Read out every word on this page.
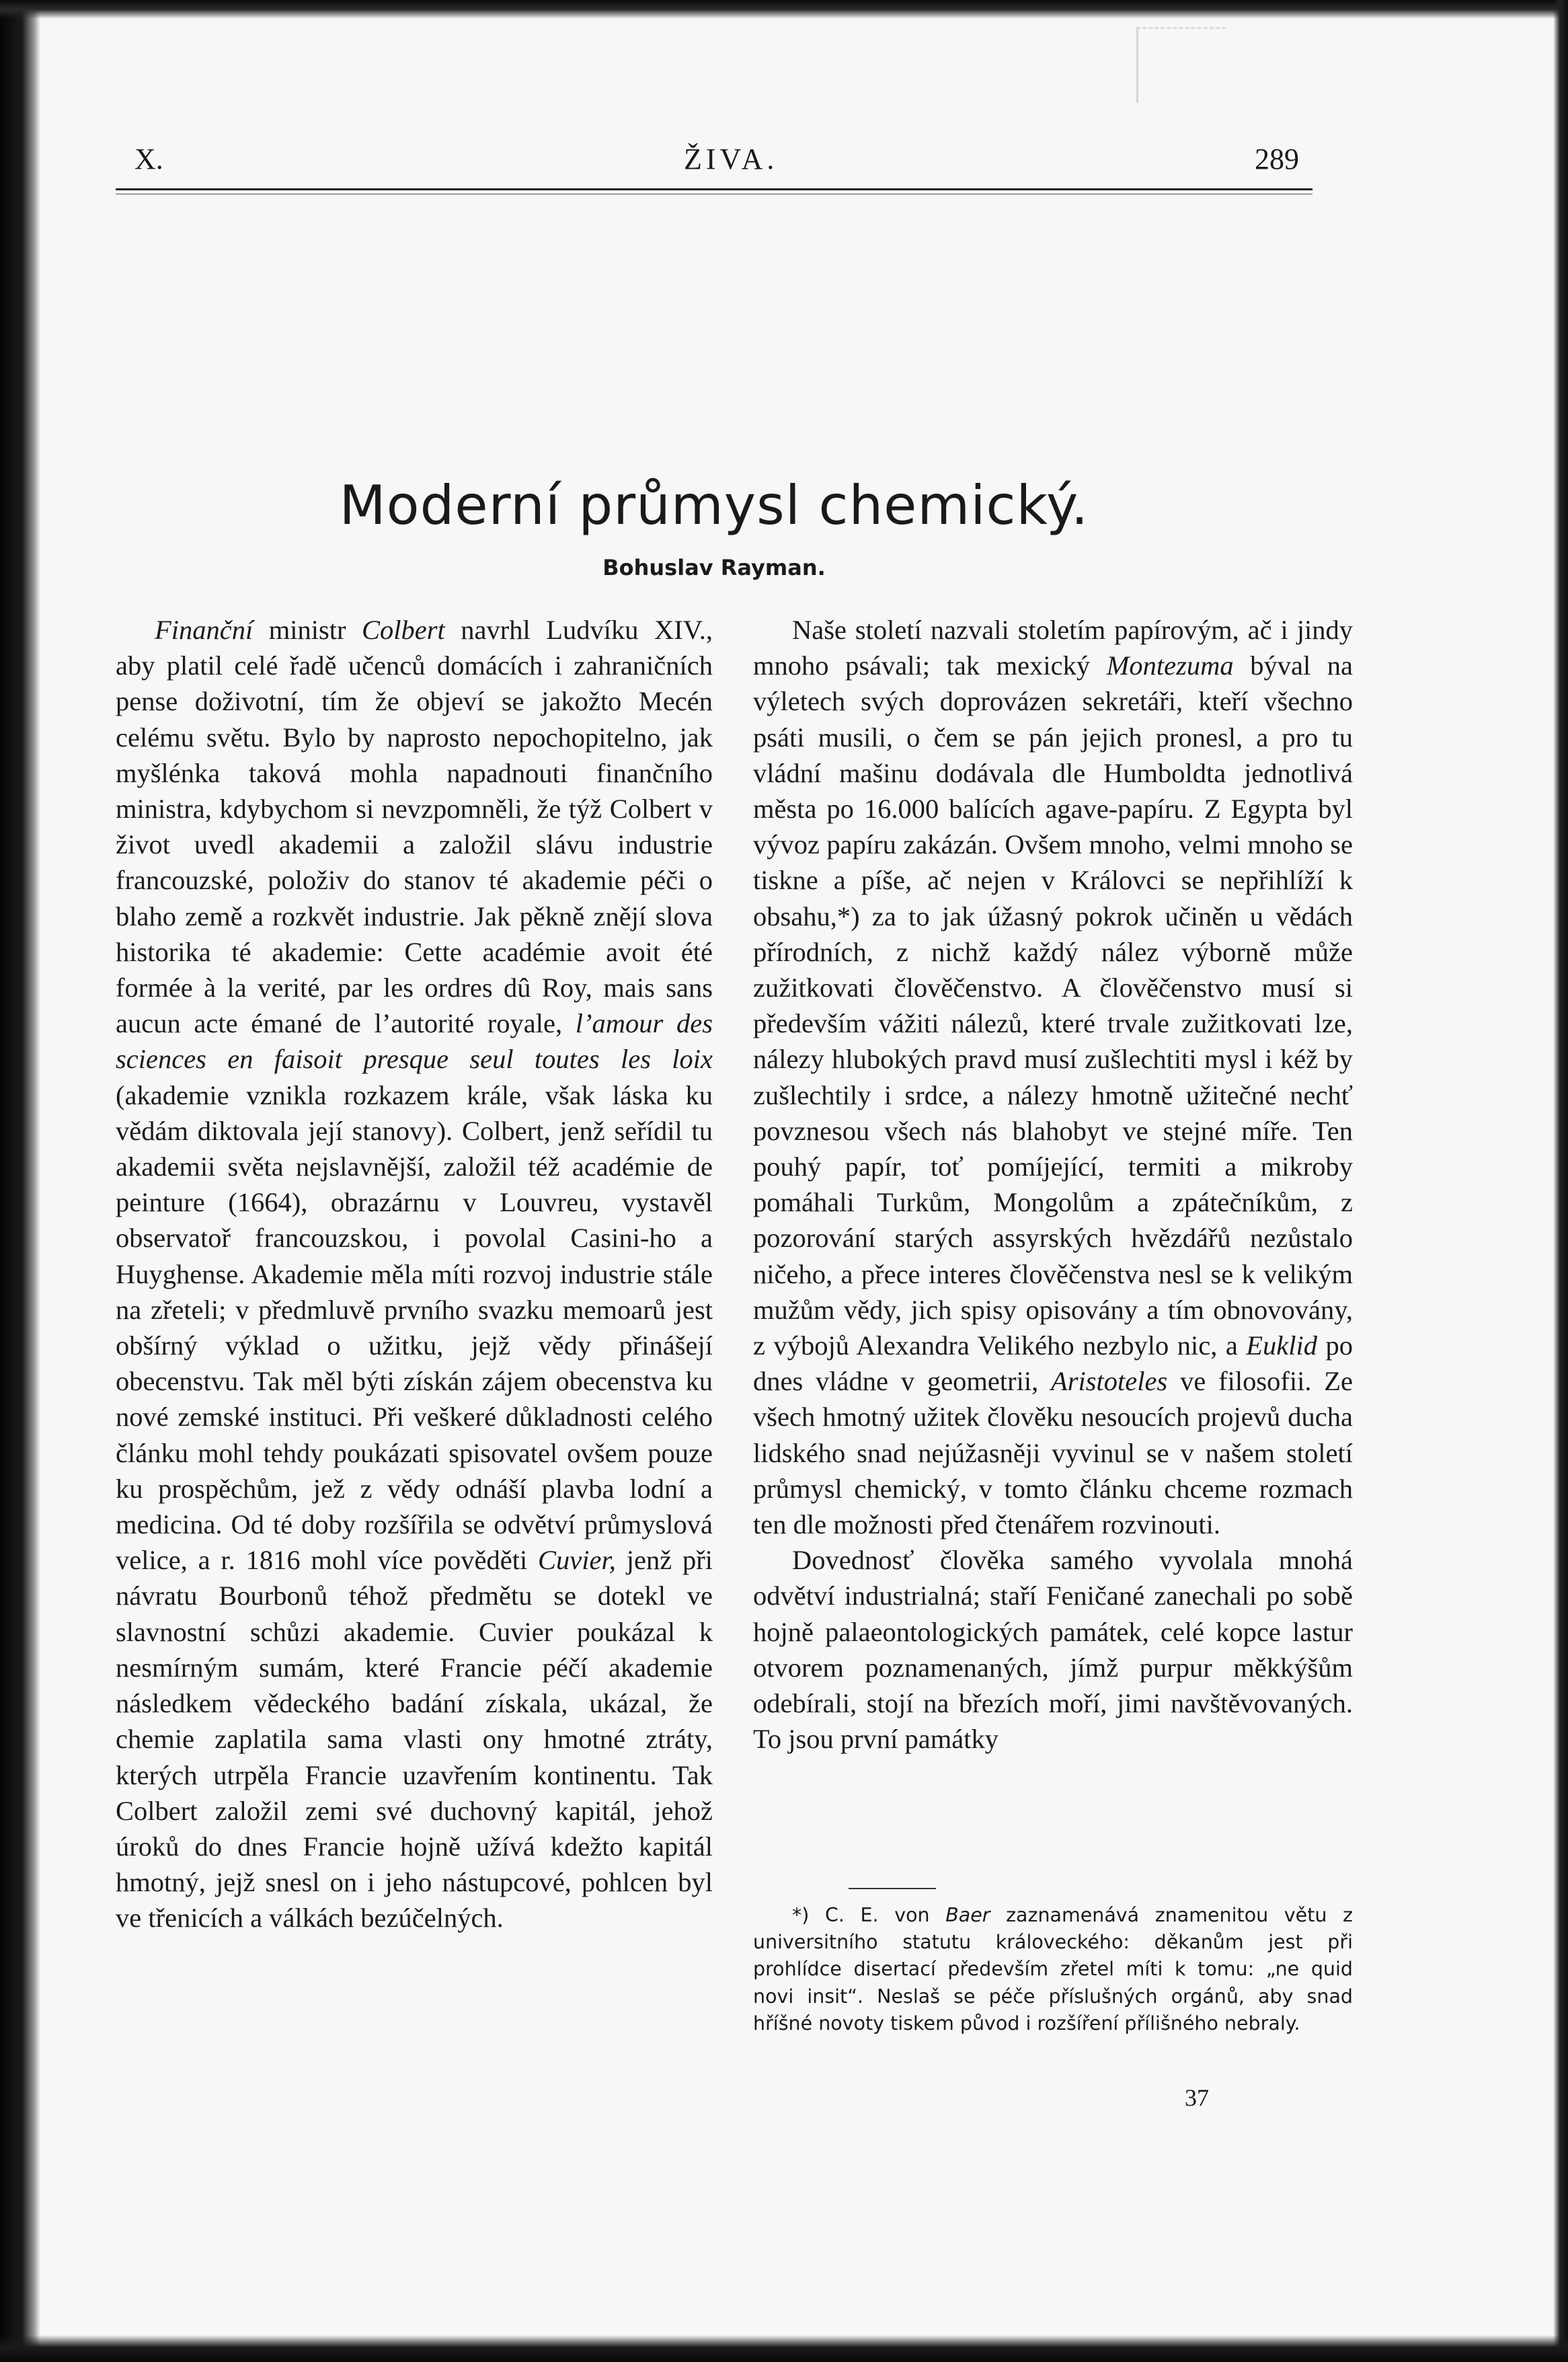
X.	ŽIVA.	289
Moderní průmysl chemický.
Bohuslav Rayman.

Finanční ministr Colbert navrhl Ludvíku XIV., aby platil celé řadě učenců domácích i zahraničních pense doživotní, tím že objeví se jakožto Mecén celému světu. Bylo by naprosto nepochopitelno, jak myšlénka taková mohla napadnouti finančního ministra, kdybychom si nevzpomněli, že týž Colbert v život uvedl akademii a založil slávu industrie francouzské, položiv do stanov té akademie péči o blaho země a rozkvět industrie. Jak pěkně znějí slova historika té akademie: Cette académie avoit été formée à la verité, par les ordres dû Roy, mais sans aucun acte émané de l’autorité royale, l’amour des sciences en faisoit presque seul toutes les loix (akademie vznikla rozkazem krále, však láska ku vědám diktovala její stanovy). Colbert, jenž seřídil tu akademii světa nejslavnější, založil též académie de peinture (1664), obrazárnu v Louvreu, vystavěl observatoř francouzskou, i povolal Casini-ho a Huyghense. Akademie měla míti rozvoj industrie stále na zřeteli; v předmluvě prvního svazku memoarů jest obšírný výklad o užitku, jejž vědy přinášejí obecenstvu. Tak měl býti získán zájem obecenstva ku nové zemské instituci. Při veškeré důkladnosti celého článku mohl tehdy poukázati spisovatel ovšem pouze ku prospěchům, jež z vědy odnáší plavba lodní a medicina. Od té doby rozšířila se odvětví průmyslová velice, a r. 1816 mohl více pověděti Cuvier, jenž při návratu Bourbonů téhož předmětu se dotekl ve slavnostní schůzi akademie. Cuvier poukázal k nesmírným sumám, které Francie péčí akademie následkem vědeckého badání získala, ukázal, že chemie zaplatila sama vlasti ony hmotné ztráty, kterých utrpěla Francie uzavřením kontinentu. Tak Colbert založil zemi své duchovný kapitál, jehož úroků do dnes Francie hojně užívá kdežto kapitál hmotný, jejž snesl on i jeho nástupcové, pohlcen byl ve třenicích a válkách bezúčelných.

Naše století nazvali stoletím papírovým, ač i jindy mnoho psávali; tak mexický Montezuma býval na výletech svých doprovázen sekretáři, kteří všechno psáti musili, o čem se pán jejich pronesl, a pro tu vládní mašinu dodávala dle Humboldta jednotlivá města po 16.000 balících agave-papíru. Z Egypta byl vývoz papíru zakázán. Ovšem mnoho, velmi mnoho se tiskne a píše, ač nejen v Královci se nepřihlíží k obsahu,*) za to jak úžasný pokrok učiněn u vědách přírodních, z nichž každý nález výborně může zužitkovati člověčenstvo. A člověčenstvo musí si především vážiti nálezů, které trvale zužitkovati lze, nálezy hlubokých pravd musí zušlechtiti mysl i kéž by zušlechtily i srdce, a nálezy hmotně užitečné nechť povznesou všech nás blahobyt ve stejné míře. Ten pouhý papír, toť pomíjející, termiti a mikroby pomáhali Turkům, Mongolům a zpátečníkům, z pozorování starých assyrských hvězdářů nezůstalo ničeho, a přece interes člověčenstva nesl se k velikým mužům vědy, jich spisy opisovány a tím obnovovány, z výbojů Alexandra Velikého nezbylo nic, a Euklid po dnes vládne v geometrii, Aristoteles ve filosofii. Ze všech hmotný užitek člověku nesoucích projevů ducha lidského snad nejúžasněji vyvinul se v našem století průmysl chemický, v tomto článku chceme rozmach ten dle možnosti před čtenářem rozvinouti.

Dovednosť člověka samého vyvolala mnohá odvětví industrialná; staří Feničané zanechali po sobě hojně palaeontologických památek, celé kopce lastur otvorem poznamenaných, jímž purpur měkkýšům odebírali, stojí na březích moří, jimi navštěvovaných. To jsou první památky

*) C. E. von Baer zaznamenává znamenitou větu z universitního statutu královeckého: děkanům jest při prohlídce disertací především zřetel míti k tomu: „ne quid novi insit“. Neslaš se péče příslušných orgánů, aby snad hříšné novoty tiskem původ i rozšíření přílišného nebraly.

37
